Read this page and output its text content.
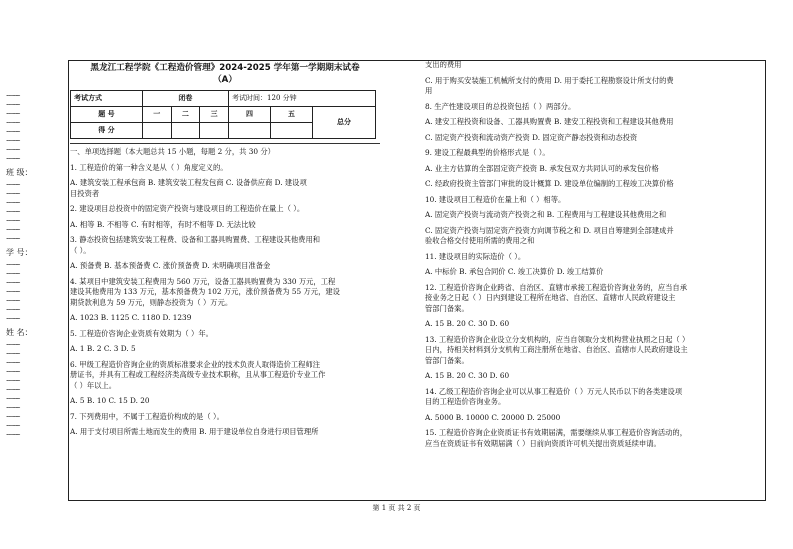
···············
···············
···············
···············
···············
···············
···············
···············
班 级：
···············
···············
···············
···············
···············
···············
···············
学 号：
···············
···············
···············
···············
···············
···············
···············
姓 名：
···············
···············
···············
···············
···············
···············
···············
···············
···············
···············
···············
黑龙江工程学院《工程造价管理》2024-2025 学年第一学期期末试卷
（A）
考试方式	闭卷			考试时间：120 分钟		
题 号	一	二	三	四	五	总分
得 分						

一、单项选择题（本大题总共 15 小题，每题 2 分，共 30 分）

1. 工程造价的第一种含义是从（ ）角度定义的。

A. 建筑安装工程承包商 B. 建筑安装工程发包商 C. 设备供应商 D. 建设项

目投资者

2. 建设项目总投资中的固定资产投资与建设项目的工程造价在量上（ ）。

A. 相等 B. 不相等 C. 有时相等，有时不相等 D. 无法比较

3. 静态投资包括建筑安装工程费、设备和工器具购置费、工程建设其他费用和

（ ）。

A. 预备费 B. 基本预备费 C. 涨价预备费 D. 未明确项目准备金

4. 某项目中建筑安装工程费用为 560 万元，设备工器具购置费为 330 万元，工程

建设其他费用为 133 万元，基本预备费为 102 万元，涨价预备费为 55 万元，建设

期贷款利息为 59 万元，则静态投资为（ ）万元。

A. 1023 B. 1125 C. 1180 D. 1239

5. 工程造价咨询企业资质有效期为（ ）年。

A. 1 B. 2 C. 3 D. 5

6. 甲级工程造价咨询企业的资质标准要求企业的技术负责人取得造价工程师注

册证书，并具有工程或工程经济类高级专业技术职称，且从事工程造价专业工作

（ ）年以上。

A. 5 B. 10 C. 15 D. 20

7. 下列费用中，不属于工程造价构成的是（ ）。

A. 用于支付项目所需土地而发生的费用 B. 用于建设单位自身进行项目管理所

支出的费用

C. 用于购买安装施工机械所支付的费用 D. 用于委托工程勘察设计所支付的费

用

8. 生产性建设项目的总投资包括（ ）两部分。

A. 建安工程投资和设备、工器具购置费 B. 建安工程投资和工程建设其他费用

C. 固定资产投资和流动资产投资 D. 固定资产静态投资和动态投资

9. 建设工程最典型的价格形式是（ ）。

A. 业主方估算的全部固定资产投资 B. 承发包双方共同认可的承发包价格

C. 经政府投资主管部门审批的设计概算 D. 建设单位编制的工程竣工决算价格

10. 建设项目工程造价在量上和（ ）相等。

A. 固定资产投资与流动资产投资之和 B. 工程费用与工程建设其他费用之和

C. 固定资产投资与固定资产投资方向调节税之和 D. 项目自筹建到全部建成并

验收合格交付使用所需的费用之和

11. 建设项目的实际造价（ ）。

A. 中标价 B. 承包合同价 C. 竣工决算价 D. 竣工结算价

12. 工程造价咨询企业跨省、自治区、直辖市承接工程造价咨询业务的，应当自承

接业务之日起（ ）日内到建设工程所在地省、自治区、直辖市人民政府建设主

管部门备案。

A. 15 B. 20 C. 30 D. 60

13. 工程造价咨询企业设立分支机构的，应当自领取分支机构营业执照之日起（ ）

日内，持相关材料到分支机构工商注册所在地省、自治区、直辖市人民政府建设主

管部门备案。

A. 15 B. 20 C. 30 D. 60

14. 乙级工程造价咨询企业可以从事工程造价（ ）万元人民币以下的各类建设项

目的工程造价咨询业务。

A. 5000 B. 10000 C. 20000 D. 25000

15. 工程造价咨询企业资质证书有效期届满，需要继续从事工程造价咨询活动的，

应当在资质证书有效期届满（ ）日前向资质许可机关提出资质延续申请。

第 1 页 共 2 页
